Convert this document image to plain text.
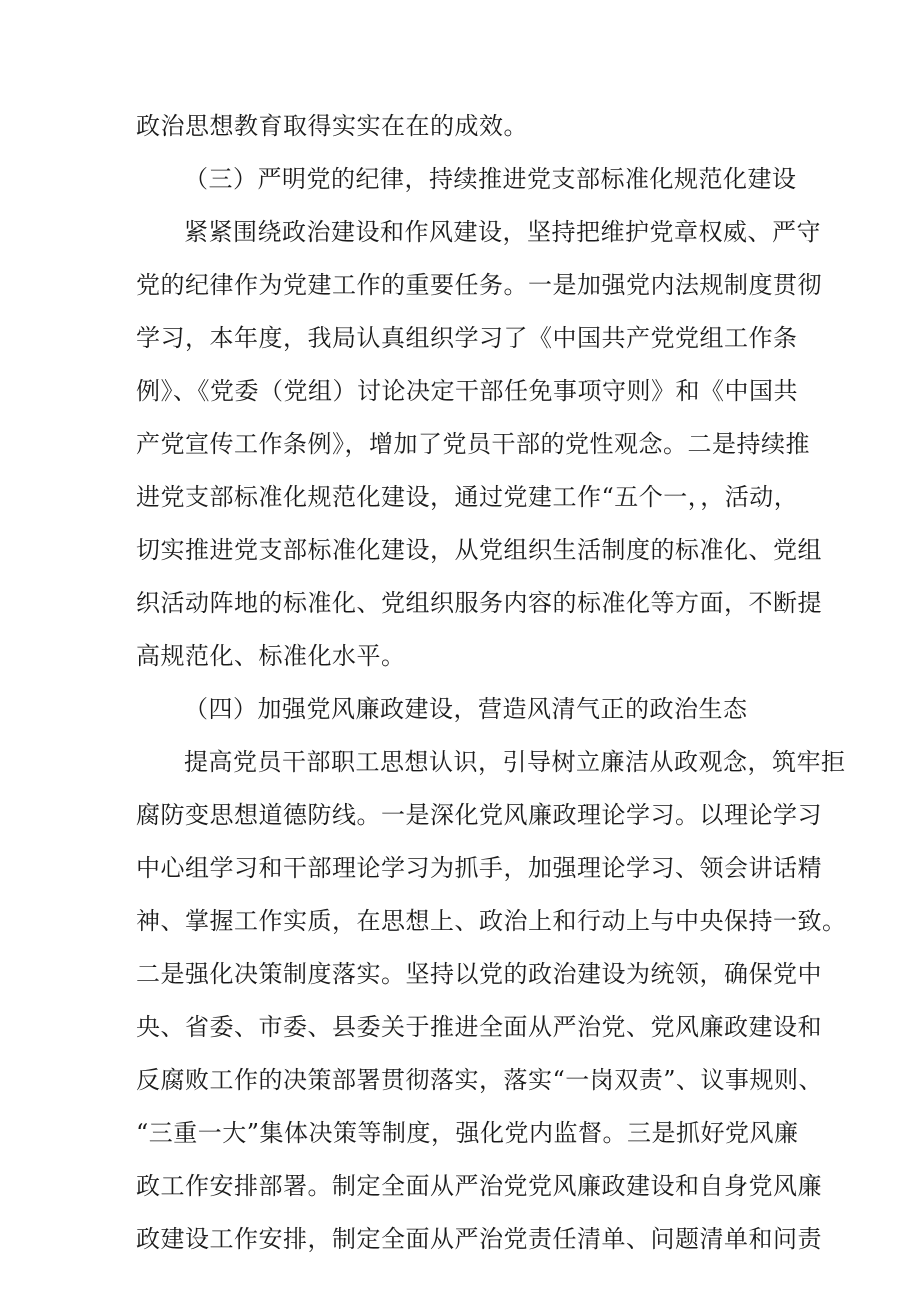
政治思想教育取得实实在在的成效。
（三）严明党的纪律，持续推进党支部标准化规范化建设
紧紧围绕政治建设和作风建设，坚持把维护党章权威、严守
党的纪律作为党建工作的重要任务。一是加强党内法规制度贯彻
学习，本年度，我局认真组织学习了《中国共产党党组工作条
例》、《党委（党组）讨论决定干部任免事项守则》和《中国共
产党宣传工作条例》，增加了党员干部的党性观念。二是持续推
进党支部标准化规范化建设，通过党建工作“五个一，，活动，
切实推进党支部标准化建设，从党组织生活制度的标准化、党组
织活动阵地的标准化、党组织服务内容的标准化等方面，不断提
高规范化、标准化水平。
（四）加强党风廉政建设，营造风清气正的政治生态
提高党员干部职工思想认识，引导树立廉洁从政观念，筑牢拒
腐防变思想道德防线。一是深化党风廉政理论学习。以理论学习
中心组学习和干部理论学习为抓手，加强理论学习、领会讲话精
神、掌握工作实质，在思想上、政治上和行动上与中央保持一致。
二是强化决策制度落实。坚持以党的政治建设为统领，确保党中
央、省委、市委、县委关于推进全面从严治党、党风廉政建设和
反腐败工作的决策部署贯彻落实，落实“一岗双责”、议事规则、
“三重一大”集体决策等制度，强化党内监督。三是抓好党风廉
政工作安排部署。制定全面从严治党党风廉政建设和自身党风廉
政建设工作安排，制定全面从严治党责任清单、问题清单和问责
